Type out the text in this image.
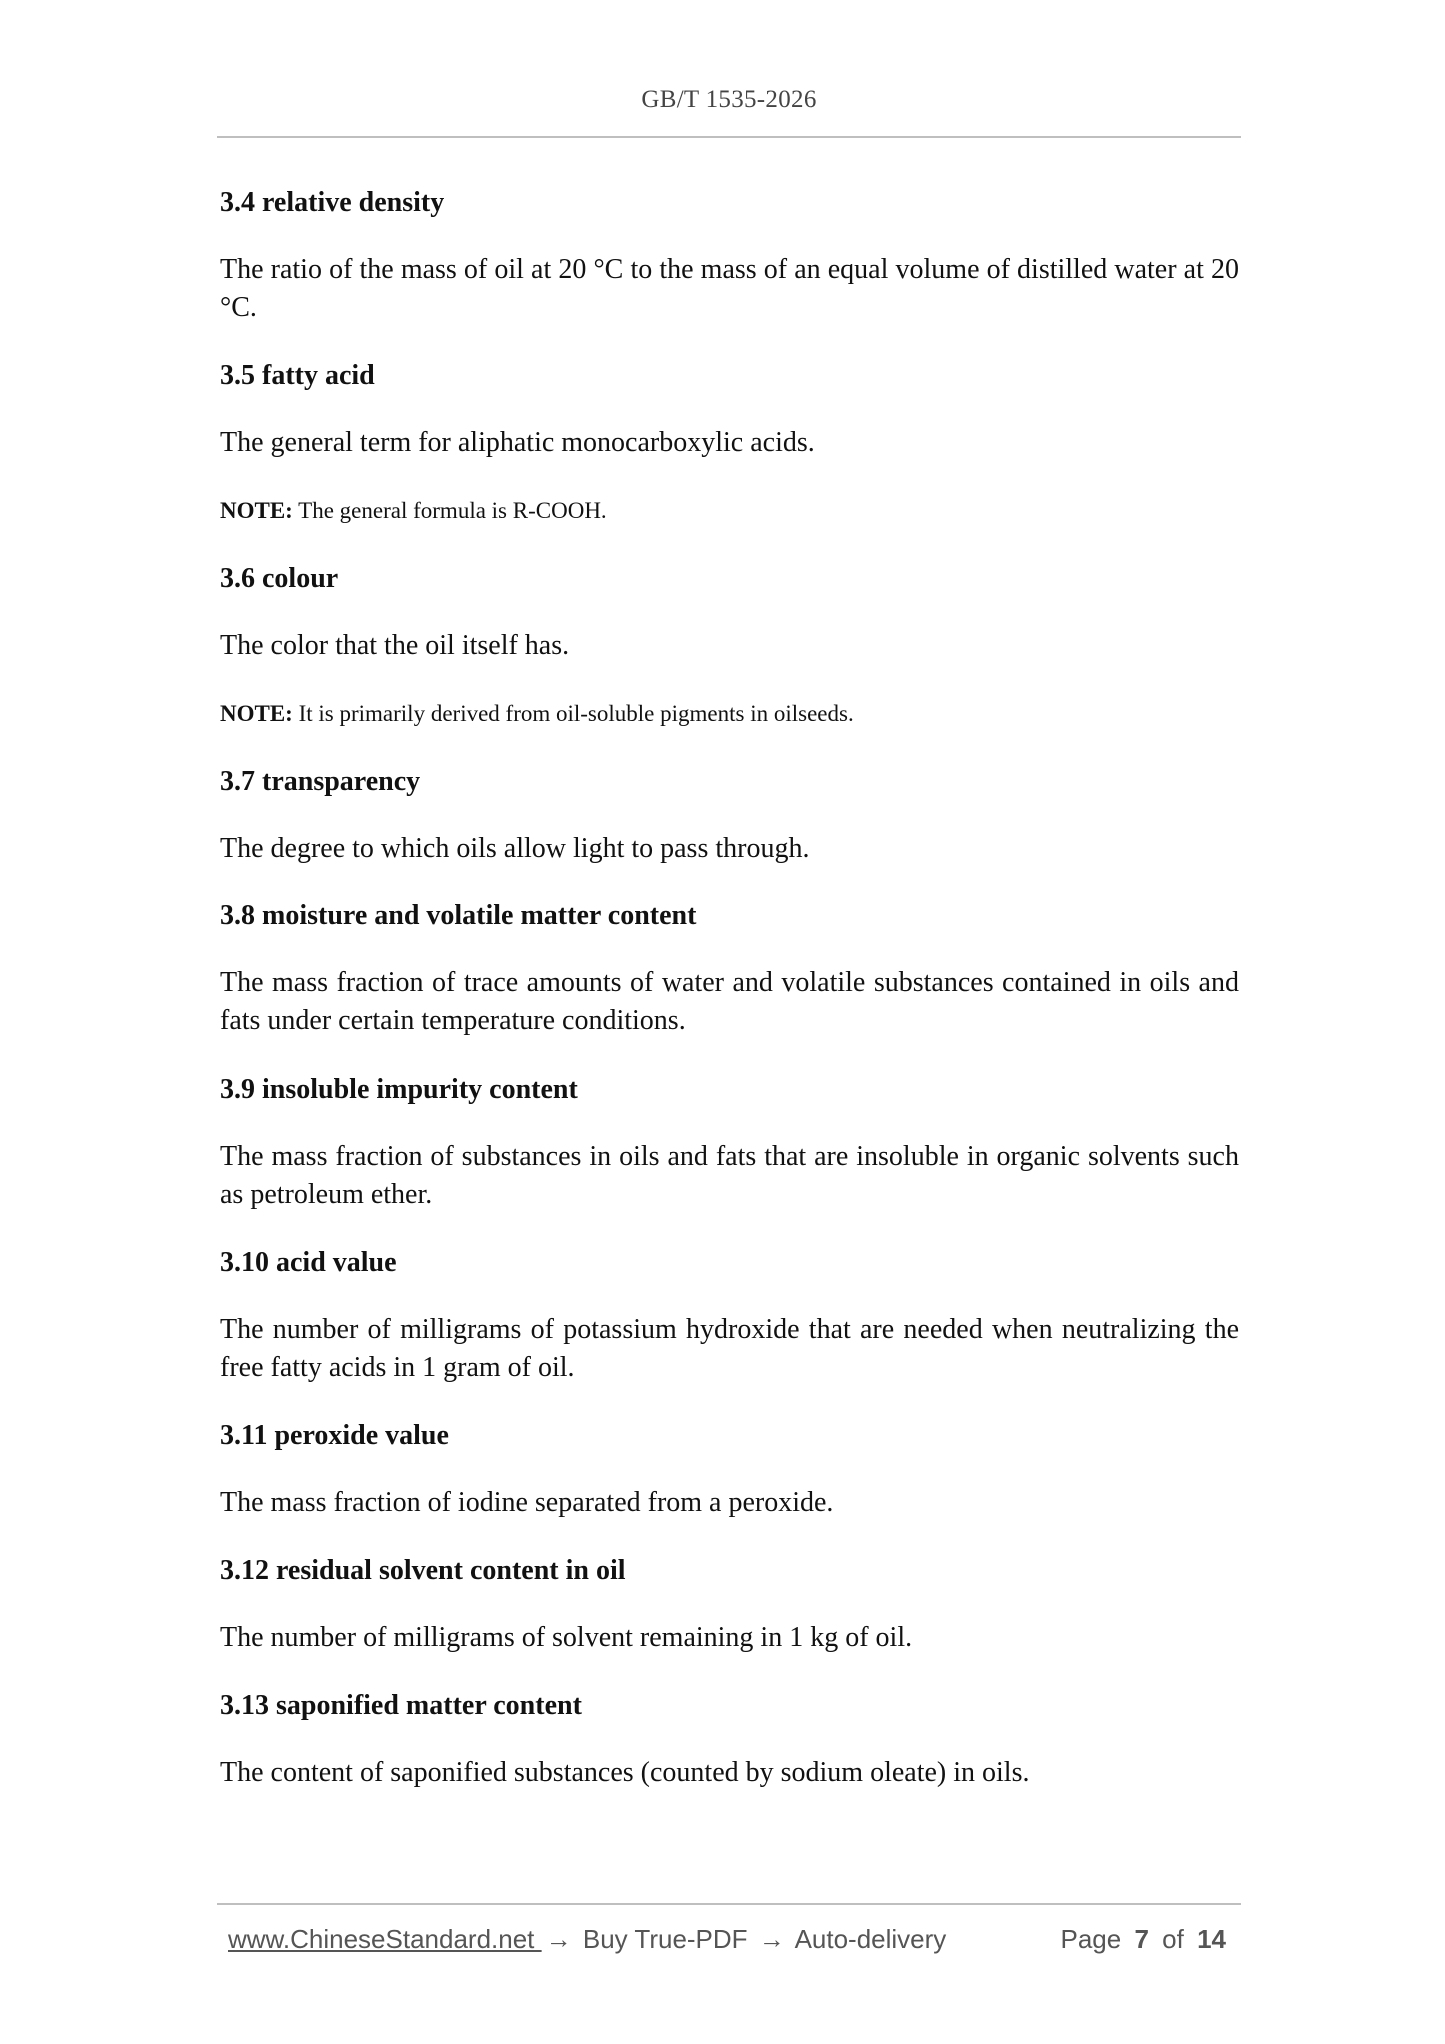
GB/T 1535-2026
3.4 relative density
The ratio of the mass of oil at 20 °C to the mass of an equal volume of distilled water at 20 °C.
3.5 fatty acid
The general term for aliphatic monocarboxylic acids.
NOTE: The general formula is R-COOH.
3.6 colour
The color that the oil itself has.
NOTE: It is primarily derived from oil-soluble pigments in oilseeds.
3.7 transparency
The degree to which oils allow light to pass through.
3.8 moisture and volatile matter content
The mass fraction of trace amounts of water and volatile substances contained in oils and fats under certain temperature conditions.
3.9 insoluble impurity content
The mass fraction of substances in oils and fats that are insoluble in organic solvents such as petroleum ether.
3.10 acid value
The number of milligrams of potassium hydroxide that are needed when neutralizing the free fatty acids in 1 gram of oil.
3.11 peroxide value
The mass fraction of iodine separated from a peroxide.
3.12 residual solvent content in oil
The number of milligrams of solvent remaining in 1 kg of oil.
3.13 saponified matter content
The content of saponified substances (counted by sodium oleate) in oils.
www.ChineseStandard.net → Buy True-PDF → Auto-delivery	Page 7 of 14
